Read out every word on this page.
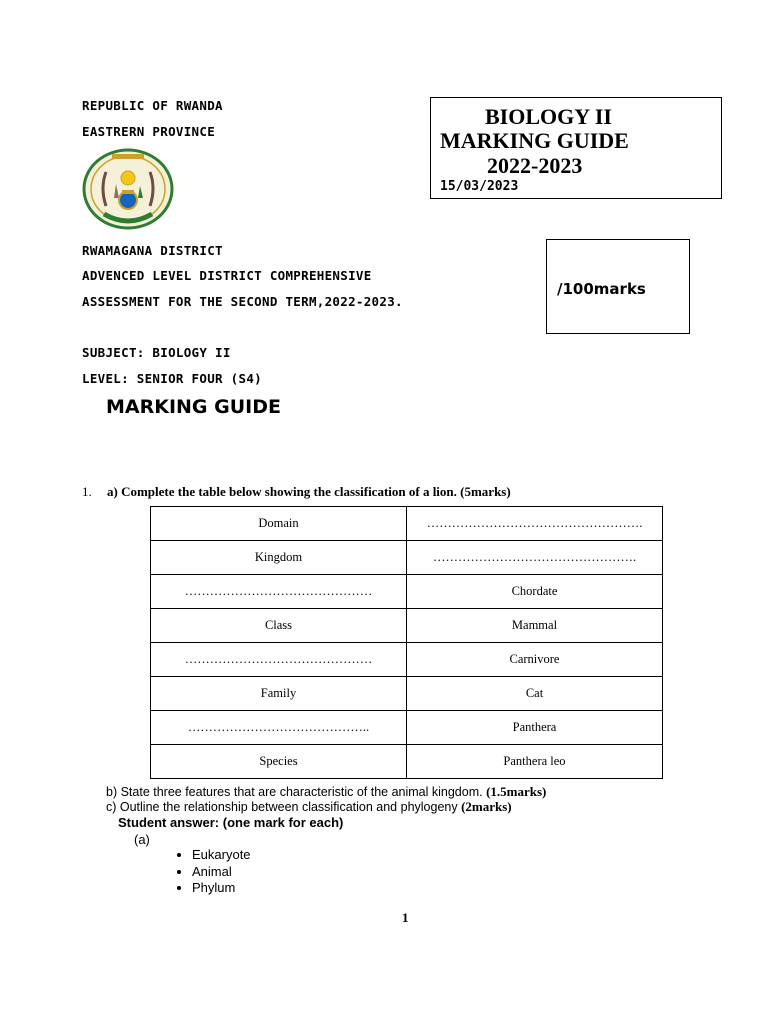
REPUBLIC OF RWANDA
EASTRERN PROVINCE
BIOLOGY II
MARKING GUIDE
2022-2023
15/03/2023
RWAMAGANA DISTRICT
ADVENCED LEVEL DISTRICT COMPREHENSIVE
ASSESSMENT FOR THE SECOND TERM,2022-2023.
/100marks
SUBJECT: BIOLOGY II
LEVEL: SENIOR FOUR (S4)
MARKING GUIDE
1. a) Complete the table below showing the classification of a lion. (5marks)
Domain	…………………………………………….
Kingdom	………………………………………….
………………………………………	Chordate
Class	Mammal
………………………………………	Carnivore
Family	Cat
……………………………………..	Panthera
Species	Panthera leo
b) State three features that are characteristic of the animal kingdom. (1.5marks)
c) Outline the relationship between classification and phylogeny (2marks)
Student answer: (one mark for each)
(a)
• Eukaryote
• Animal
• Phylum
1
